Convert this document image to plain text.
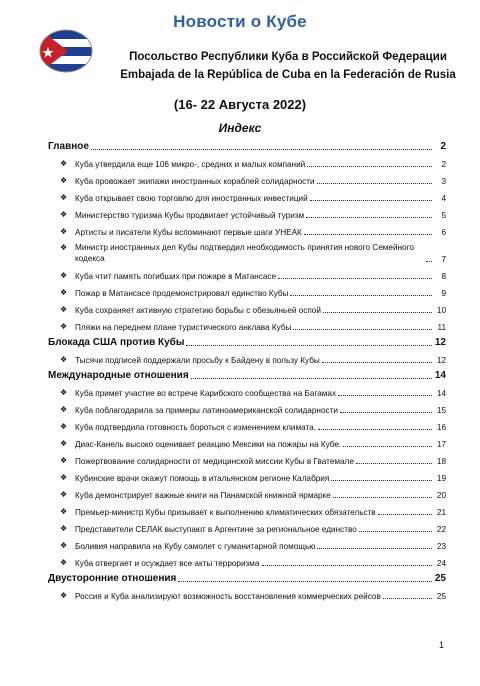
Новости о Кубе
Посольство Республики Куба в Российской Федерации
Embajada de la República de Cuba en la Federación de Rusia
(16- 22 Августа 2022)
Индекс
Главное	2
❖ Куба утвердила еще 106 микро-, средних и малых компаний	2
❖ Куба провожает экипажи иностранных кораблей солидарности	3
❖ Куба открывает свою торговлю для иностранных инвестиций	4
❖ Министерство туризма Кубы продвигает устойчивый туризм	5
❖ Артисты и писатели Кубы вспоминают первые шаги УНЕАК	6
❖ Министр иностранных дел Кубы подтвердил необходимость принятия нового Семейного кодекса	7
❖ Куба чтит память погибших при пожаре в Матансасе	8
❖ Пожар в Матансасе продемонстрировал единство Кубы	9
❖ Куба сохраняет активную стратегию борьбы с обезьяньей оспой	10
❖ Пляжи на переднем плане туристического анклава Кубы	11
Блокада США против Кубы	12
❖ Тысячи подписей поддержали просьбу к Байдену в пользу Кубы	12
Международные отношения	14
❖ Куба примет участие во встрече Карибского сообщества на Багамах	14
❖ Куба поблагодарила за примеры латиноамериканской солидарности	15
❖ Куба подтвердила готовность бороться с изменением климата.	16
❖ Диас-Канель высоко оценивает реакцию Мексики на пожары на Кубе.	17
❖ Пожертвование солидарности от медицинской миссии Кубы в Гватемале	18
❖ Кубинские врачи окажут помощь в итальянском регионе Калабрия	19
❖ Куба демонстрирует важные книги на Панамской книжной ярмарке	20
❖ Премьер-министр Кубы призывает к выполнению климатических обязательств	21
❖ Представители СЕЛАК выступают в Аргентине за региональное единство	22
❖ Боливия направила на Кубу самолет с гуманитарной помощью	23
❖ Куба отвергает и осуждает все акты терроризма	24
Двусторонние отношения	25
❖ Россия и Куба анализируют возможность восстановления коммерческих рейсов	25
1
